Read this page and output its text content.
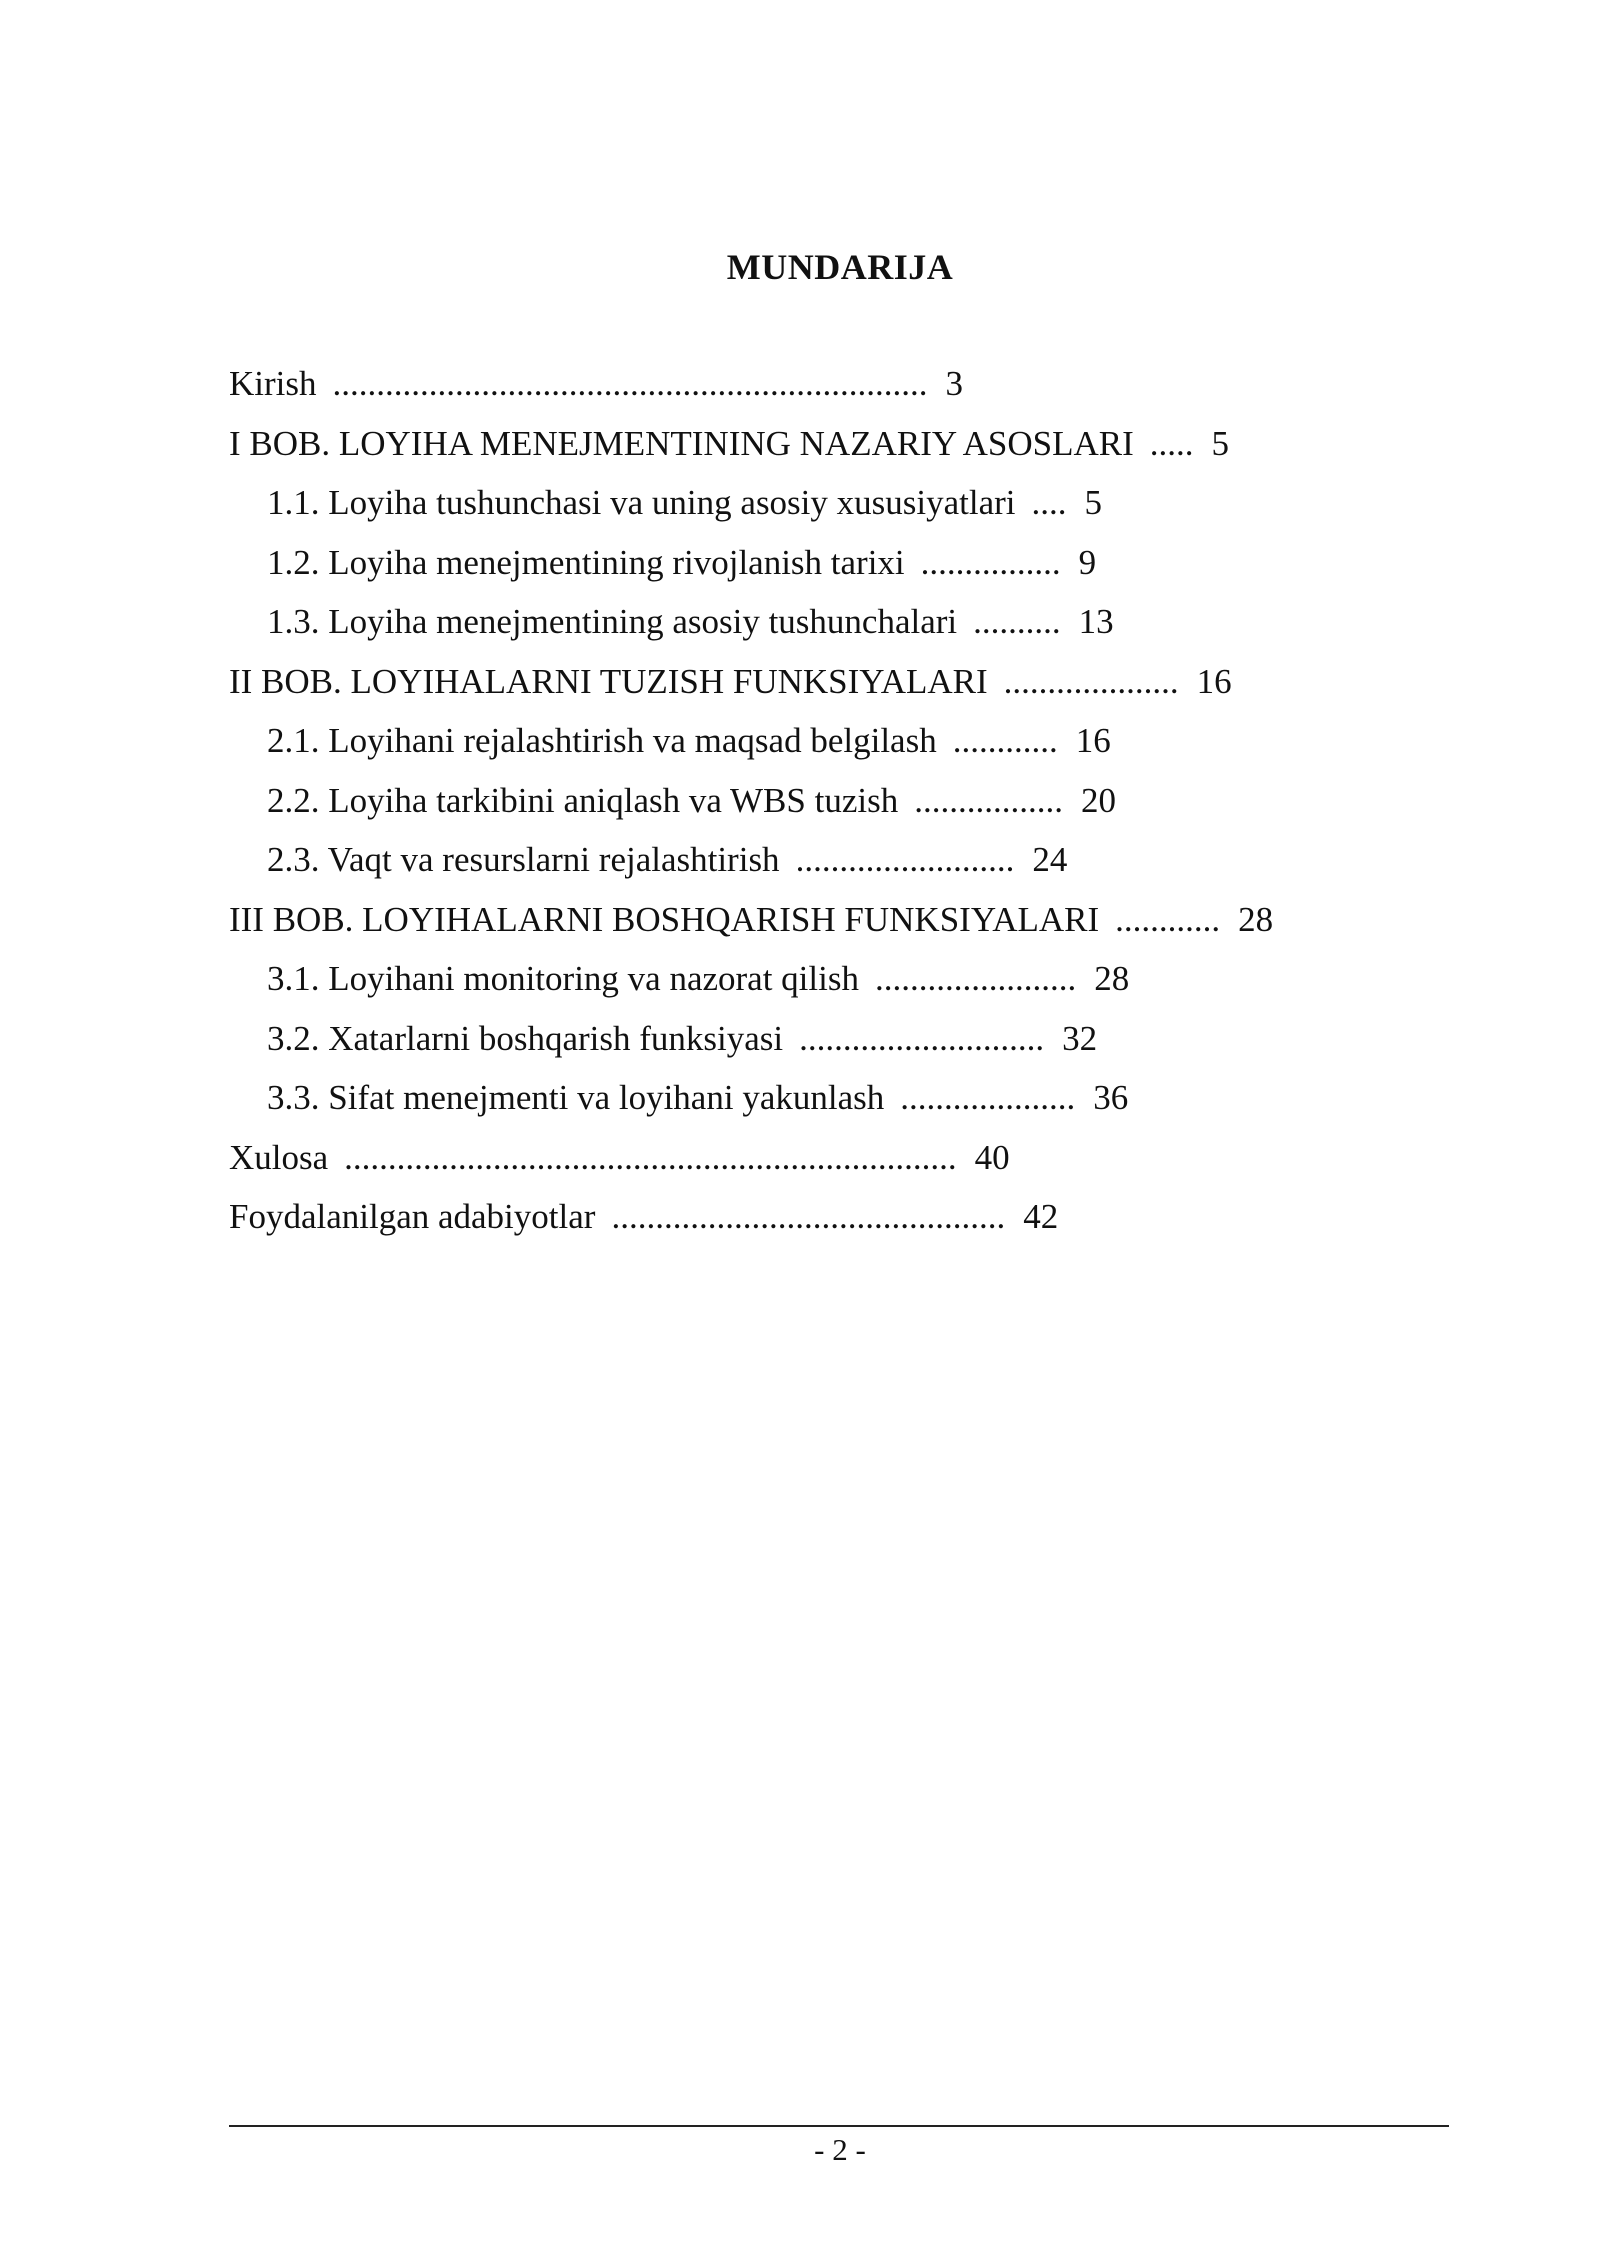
MUNDARIJA
Kirish .................................................................... 3
I BOB. LOYIHA MENEJMENTINING NAZARIY ASOSLARI ..... 5
1.1. Loyiha tushunchasi va uning asosiy xususiyatlari .... 5
1.2. Loyiha menejmentining rivojlanish tarixi ................ 9
1.3. Loyiha menejmentining asosiy tushunchalari .......... 13
II BOB. LOYIHALARNI TUZISH FUNKSIYALARI .................... 16
2.1. Loyihani rejalashtirish va maqsad belgilash ............ 16
2.2. Loyiha tarkibini aniqlash va WBS tuzish ................. 20
2.3. Vaqt va resurslarni rejalashtirish ......................... 24
III BOB. LOYIHALARNI BOSHQARISH FUNKSIYALARI ............ 28
3.1. Loyihani monitoring va nazorat qilish ....................... 28
3.2. Xatarlarni boshqarish funksiyasi ............................ 32
3.3. Sifat menejmenti va loyihani yakunlash .................... 36
Xulosa ...................................................................... 40
Foydalanilgan adabiyotlar ............................................. 42
- 2 -
